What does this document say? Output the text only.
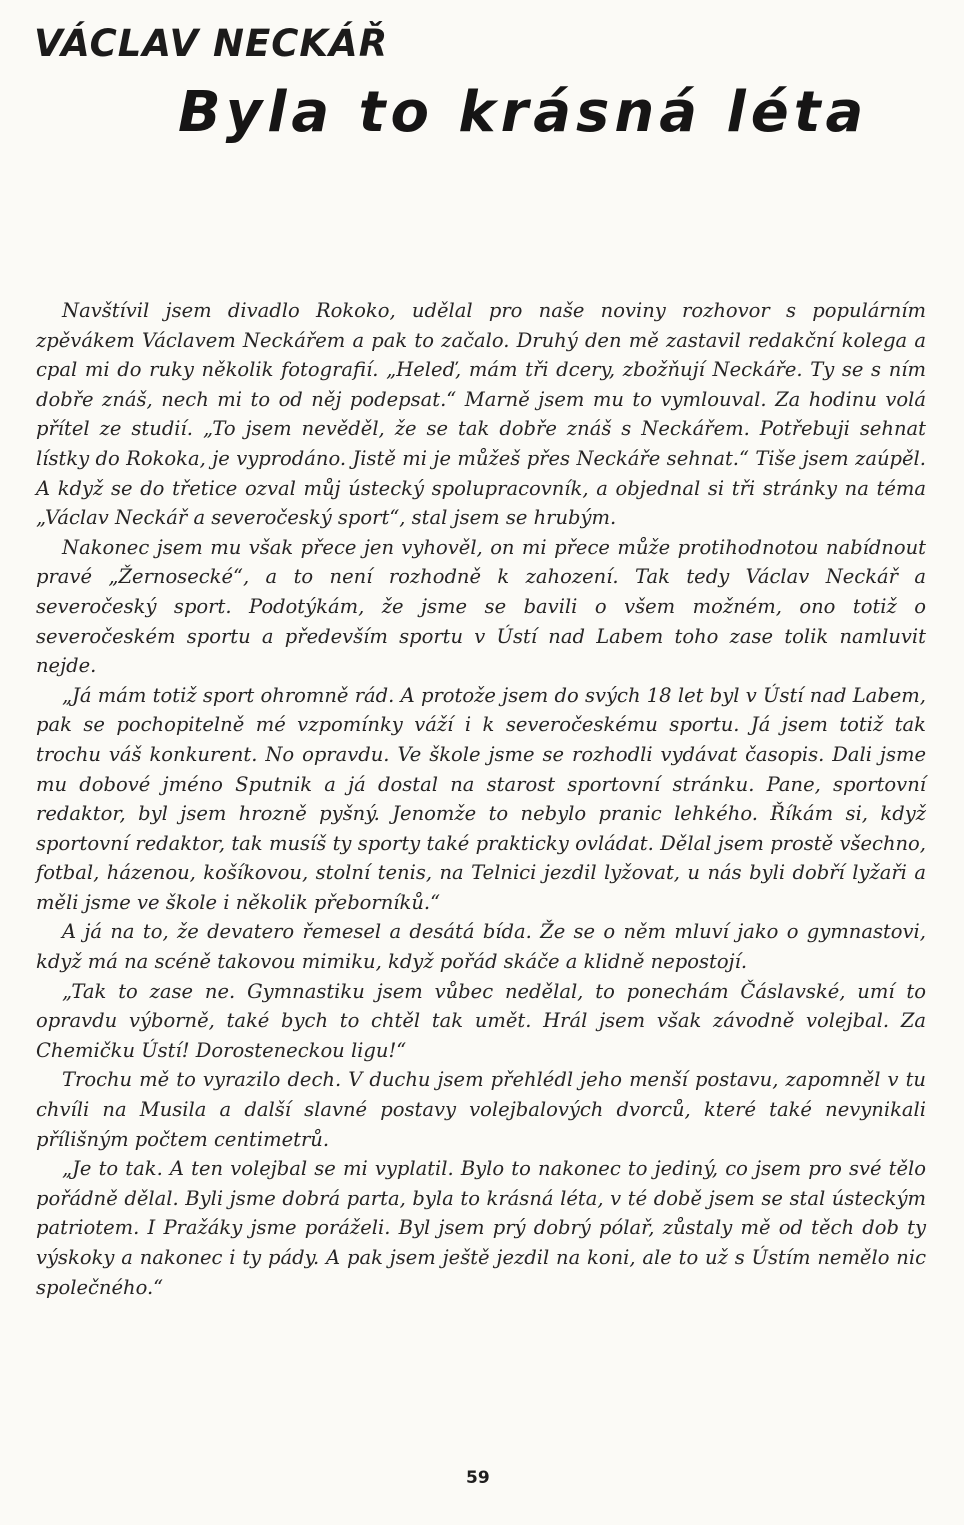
VÁCLAV NECKÁŘ
Byla to krásná léta

Navštívil jsem divadlo Rokoko, udělal pro naše noviny rozhovor s populárním zpěvákem Václavem Neckářem a pak to začalo. Druhý den mě zastavil redakční kolega a cpal mi do ruky několik fotografií. „Heleď, mám tři dcery, zbožňují Neckáře. Ty se s ním dobře znáš, nech mi to od něj podepsat.“ Marně jsem mu to vymlouval. Za hodinu volá přítel ze studií. „To jsem nevěděl, že se tak dobře znáš s Neckářem. Potřebuji sehnat lístky do Rokoka, je vyprodáno. Jistě mi je můžeš přes Neckáře sehnat.“ Tiše jsem zaúpěl. A když se do třetice ozval můj ústecký spolupracovník, a objednal si tři stránky na téma „Václav Neckář a severočeský sport“, stal jsem se hrubým.

Nakonec jsem mu však přece jen vyhověl, on mi přece může protihodnotou nabídnout pravé „Žernosecké“, a to není rozhodně k zahození. Tak tedy Václav Neckář a severočeský sport. Podotýkám, že jsme se bavili o všem možném, ono totiž o severočeském sportu a především sportu v Ústí nad Labem toho zase tolik namluvit nejde.

„Já mám totiž sport ohromně rád. A protože jsem do svých 18 let byl v Ústí nad Labem, pak se pochopitelně mé vzpomínky váží i k severočeskému sportu. Já jsem totiž tak trochu váš konkurent. No opravdu. Ve škole jsme se rozhodli vydávat časopis. Dali jsme mu dobové jméno Sputnik a já dostal na starost sportovní stránku. Pane, sportovní redaktor, byl jsem hrozně pyšný. Jenomže to nebylo pranic lehkého. Říkám si, když sportovní redaktor, tak musíš ty sporty také prakticky ovládat. Dělal jsem prostě všechno, fotbal, házenou, košíkovou, stolní tenis, na Telnici jezdil lyžovat, u nás byli dobří lyžaři a měli jsme ve škole i několik přeborníků.“

A já na to, že devatero řemesel a desátá bída. Že se o něm mluví jako o gymnastovi, když má na scéně takovou mimiku, když pořád skáče a klidně nepostojí.

„Tak to zase ne. Gymnastiku jsem vůbec nedělal, to ponechám Čáslavské, umí to opravdu výborně, také bych to chtěl tak umět. Hrál jsem však závodně volejbal. Za Chemičku Ústí! Dorosteneckou ligu!“

Trochu mě to vyrazilo dech. V duchu jsem přehlédl jeho menší postavu, zapomněl v tu chvíli na Musila a další slavné postavy volejbalových dvorců, které také nevynikali přílišným počtem centimetrů.

„Je to tak. A ten volejbal se mi vyplatil. Bylo to nakonec to jediný, co jsem pro své tělo pořádně dělal. Byli jsme dobrá parta, byla to krásná léta, v té době jsem se stal ústeckým patriotem. I Pražáky jsme poráželi. Byl jsem prý dobrý pólař, zůstaly mě od těch dob ty výskoky a nakonec i ty pády. A pak jsem ještě jezdil na koni, ale to už s Ústím nemělo nic společného.“

59
